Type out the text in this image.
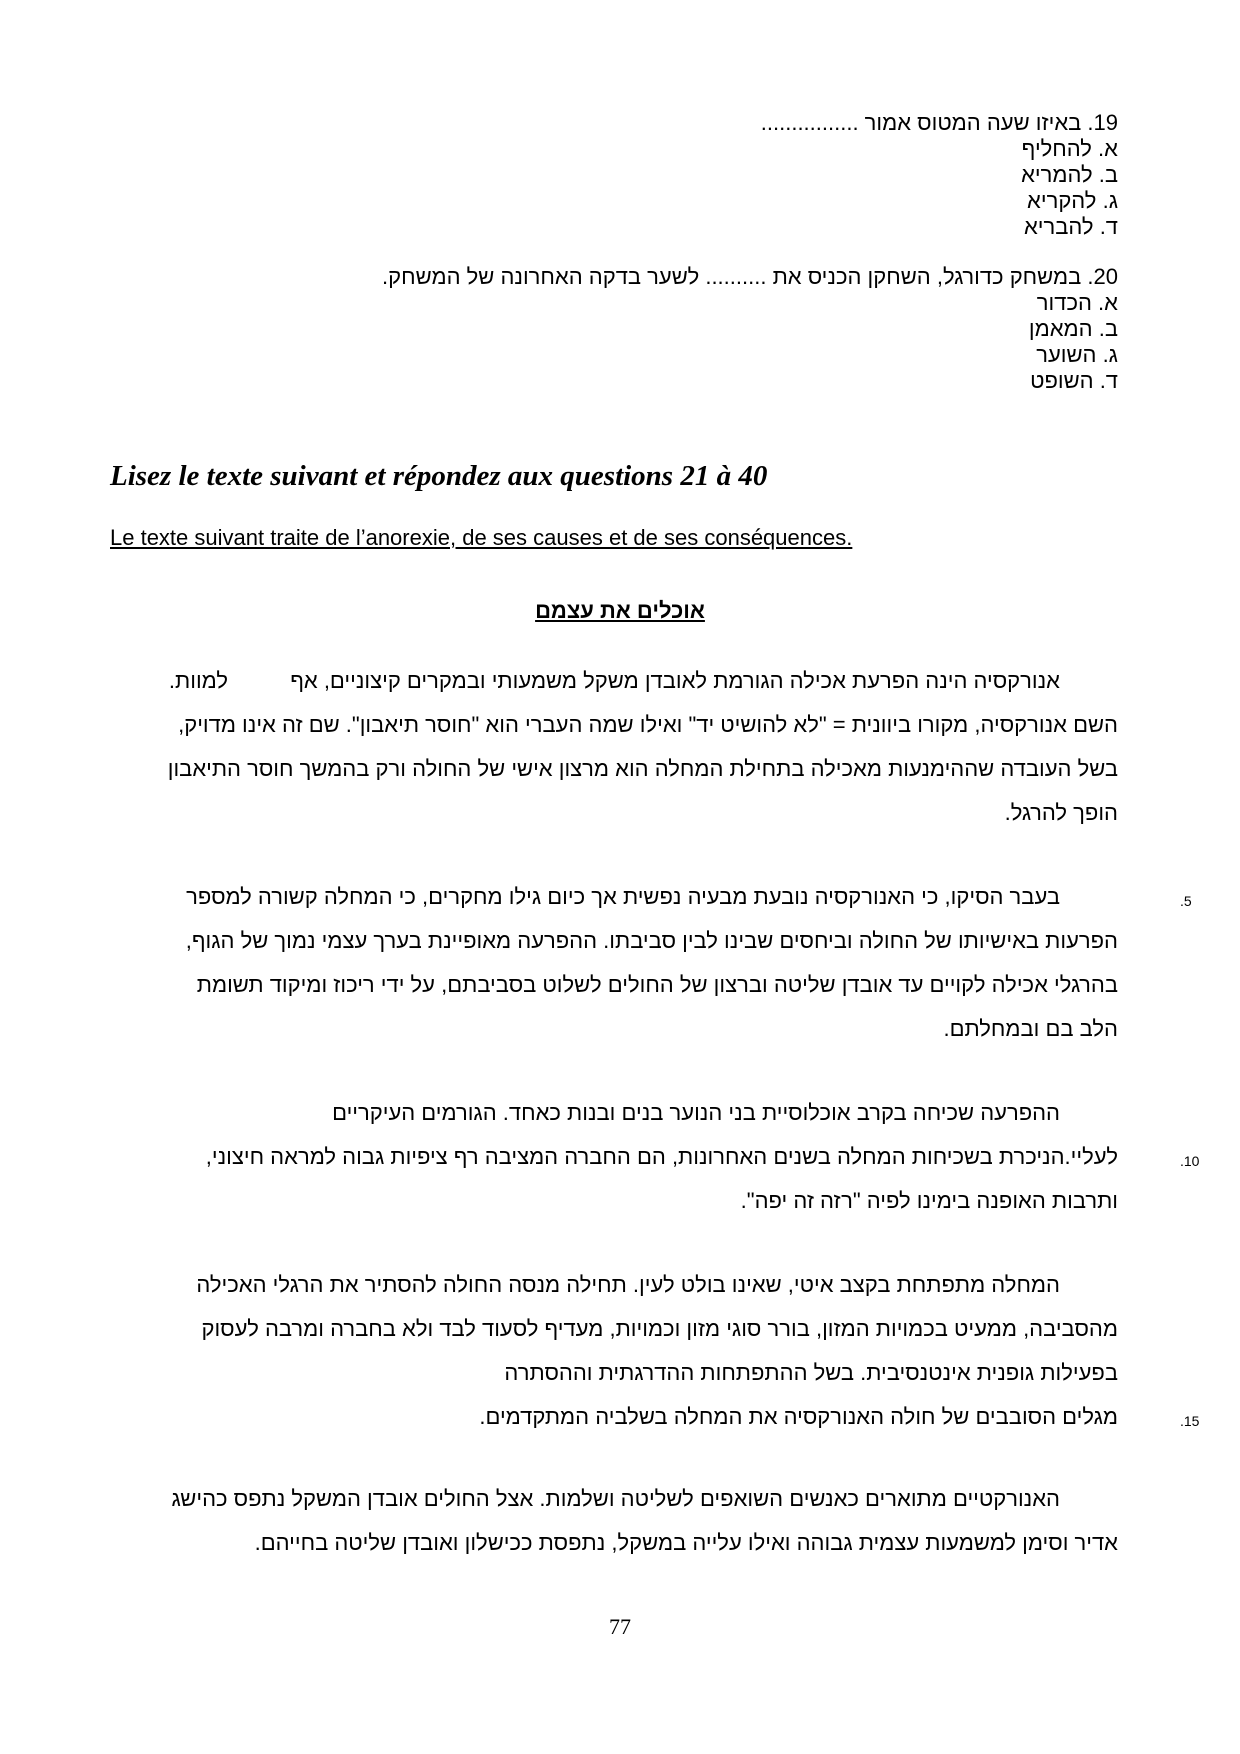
19. באיזו שעה המטוס אמור ................
א. להחליף
ב. להמריא
ג. להקריא
ד. להבריא
20. במשחק כדורגל, השחקן הכניס את .......... לשער בדקה האחרונה של המשחק.
א. הכדור
ב. המאמן
ג. השוער
ד. השופט
Lisez le texte suivant et répondez aux questions 21 à 40
Le texte suivant traite de l’anorexie, de ses causes et de ses conséquences.
אוכלים את עצמם
אנורקסיה הינה הפרעת אכילה הגורמת לאובדן משקל משמעותי ובמקרים קיצוניים, אף
למוות.
השם אנורקסיה, מקורו ביוונית = "לא להושיט יד" ואילו שמה העברי הוא "חוסר תיאבון". שם זה אינו מדויק,
בשל העובדה שההימנעות מאכילה בתחילת המחלה הוא מרצון אישי של החולה ורק בהמשך חוסר התיאבון
הופך להרגל.
.5
בעבר הסיקו, כי האנורקסיה נובעת מבעיה נפשית אך כיום גילו מחקרים, כי המחלה קשורה למספר
הפרעות באישיותו של החולה וביחסים שבינו לבין סביבתו. ההפרעה מאופיינת בערך עצמי נמוך של הגוף,
בהרגלי אכילה לקויים עד אובדן שליטה וברצון של החולים לשלוט בסביבתם, על ידי ריכוז ומיקוד תשומת
הלב בם ובמחלתם.
ההפרעה שכיחה בקרב אוכלוסיית בני הנוער בנים ובנות כאחד. הגורמים העיקריים
.10
לעליי.הניכרת בשכיחות המחלה בשנים האחרונות, הם החברה המציבה רף ציפיות גבוה למראה חיצוני,
ותרבות האופנה בימינו לפיה "רזה זה יפה".
המחלה מתפתחת בקצב איטי, שאינו בולט לעין. תחילה מנסה החולה להסתיר את הרגלי האכילה
מהסביבה, ממעיט בכמויות המזון, בורר סוגי מזון וכמויות, מעדיף לסעוד לבד ולא בחברה ומרבה לעסוק
בפעילות גופנית אינטנסיבית. בשל ההתפתחות ההדרגתית וההסתרה
.15
מגלים הסובבים של חולה האנורקסיה את המחלה בשלביה המתקדמים.
האנורקטיים מתוארים כאנשים השואפים לשליטה ושלמות. אצל החולים אובדן המשקל נתפס כהישג
אדיר וסימן למשמעות עצמית גבוהה ואילו עלייה במשקל, נתפסת ככישלון ואובדן שליטה בחייהם.
77
